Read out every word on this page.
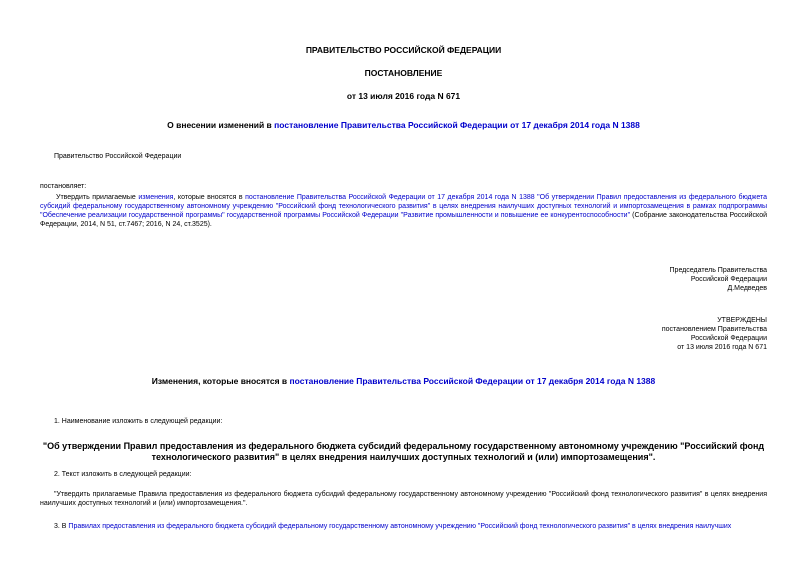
ПРАВИТЕЛЬСТВО РОССИЙСКОЙ ФЕДЕРАЦИИ
ПОСТАНОВЛЕНИЕ
от 13 июля 2016 года N 671
О внесении изменений в постановление Правительства Российской Федерации от 17 декабря 2014 года N 1388
Правительство Российской Федерации
постановляет:
Утвердить прилагаемые изменения, которые вносятся в постановление Правительства Российской Федерации от 17 декабря 2014 года N 1388 "Об утверждении Правил предоставления из федерального бюджета субсидий федеральному государственному автономному учреждению "Российский фонд технологического развития" в целях внедрения наилучших доступных технологий и импортозамещения в рамках подпрограммы "Обеспечение реализации государственной программы" государственной программы Российской Федерации "Развитие промышленности и повышение ее конкурентоспособности" (Собрание законодательства Российской Федерации, 2014, N 51, ст.7467; 2016, N 24, ст.3525).
Председатель Правительства
Российской Федерации
Д.Медведев
УТВЕРЖДЕНЫ
постановлением Правительства
Российской Федерации
от 13 июля 2016 года N 671
Изменения, которые вносятся в постановление Правительства Российской Федерации от 17 декабря 2014 года N 1388
1. Наименование изложить в следующей редакции:
"Об утверждении Правил предоставления из федерального бюджета субсидий федеральному государственному автономному учреждению "Российский фонд технологического развития" в целях внедрения наилучших доступных технологий и (или) импортозамещения".
2. Текст изложить в следующей редакции:
"Утвердить прилагаемые Правила предоставления из федерального бюджета субсидий федеральному государственному автономному учреждению "Российский фонд технологического развития" в целях внедрения наилучших доступных технологий и (или) импортозамещения.".
3. В Правилах предоставления из федерального бюджета субсидий федеральному государственному автономному учреждению "Российский фонд технологического развития" в целях внедрения наилучших
